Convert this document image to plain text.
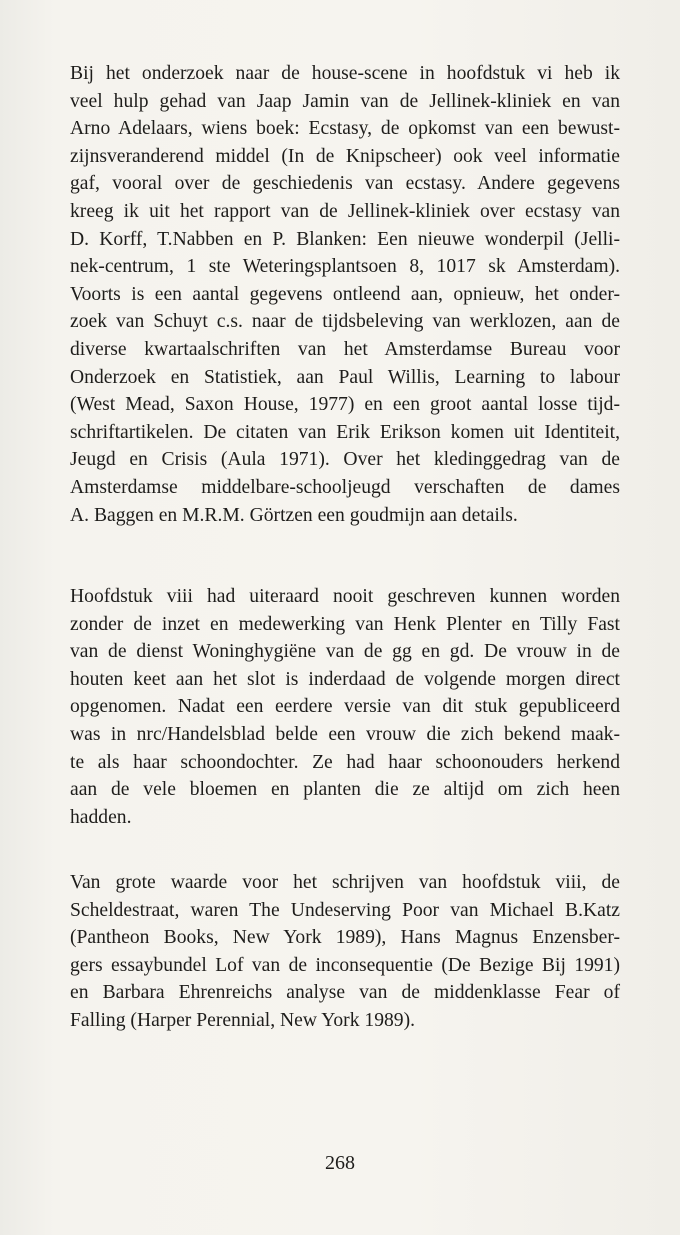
Bij het onderzoek naar de house-scene in hoofdstuk vi heb ik
veel hulp gehad van Jaap Jamin van de Jellinek-kliniek en van
Arno Adelaars, wiens boek: Ecstasy, de opkomst van een bewust-
zijnsveranderend middel (In de Knipscheer) ook veel informatie
gaf, vooral over de geschiedenis van ecstasy. Andere gegevens
kreeg ik uit het rapport van de Jellinek-kliniek over ecstasy van
D. Korff, T.Nabben en P. Blanken: Een nieuwe wonderpil (Jelli-
nek-centrum, 1 ste Weteringsplantsoen 8, 1017 sk Amsterdam).
Voorts is een aantal gegevens ontleend aan, opnieuw, het onder-
zoek van Schuyt c.s. naar de tijdsbeleving van werklozen, aan de
diverse kwartaalschriften van het Amsterdamse Bureau voor
Onderzoek en Statistiek, aan Paul Willis, Learning to labour
(West Mead, Saxon House, 1977) en een groot aantal losse tijd-
schriftartikelen. De citaten van Erik Erikson komen uit Identiteit,
Jeugd en Crisis (Aula 1971). Over het kledinggedrag van de
Amsterdamse middelbare-schooljeugd verschaften de dames
A. Baggen en M.R.M. Görtzen een goudmijn aan details.

Hoofdstuk viii had uiteraard nooit geschreven kunnen worden
zonder de inzet en medewerking van Henk Plenter en Tilly Fast
van de dienst Woninghygiëne van de gg en gd. De vrouw in de
houten keet aan het slot is inderdaad de volgende morgen direct
opgenomen. Nadat een eerdere versie van dit stuk gepubliceerd
was in nrc/Handelsblad belde een vrouw die zich bekend maak-
te als haar schoondochter. Ze had haar schoonouders herkend
aan de vele bloemen en planten die ze altijd om zich heen
hadden.

Van grote waarde voor het schrijven van hoofdstuk viii, de
Scheldestraat, waren The Undeserving Poor van Michael B.Katz
(Pantheon Books, New York 1989), Hans Magnus Enzensber-
gers essaybundel Lof van de inconsequentie (De Bezige Bij 1991)
en Barbara Ehrenreichs analyse van de middenklasse Fear of
Falling (Harper Perennial, New York 1989).

268
